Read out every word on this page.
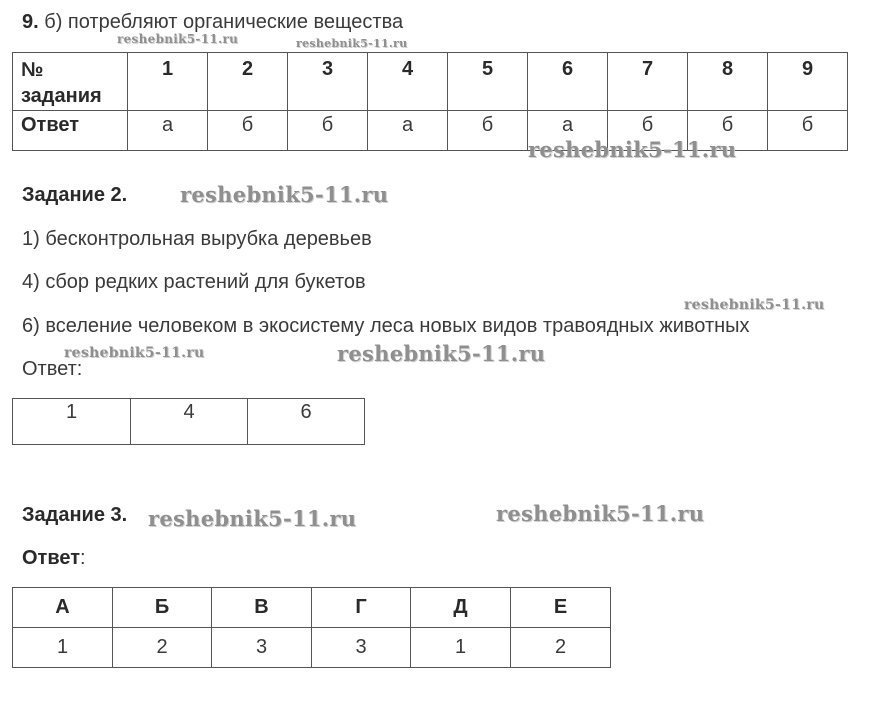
9. б) потребляют органические вещества
№
задания	1	2	3	4	5	6	7	8	9
Ответ	а	б	б	а	б	а	б	б	б
Задание 2.
1) бесконтрольная вырубка деревьев
4) сбор редких растений для букетов
6) вселение человеком в экосистему леса новых видов травоядных животных
Ответ:
1	4	6
Задание 3.
Ответ:
А	Б	В	Г	Д	Е
1	2	3	3	1	2
reshebnik5-11.ru	reshebnik5-11.ru
reshebnik5-11.ru
reshebnik5-11.ru
reshebnik5-11.ru
reshebnik5-11.ru	reshebnik5-11.ru
reshebnik5-11.ru	reshebnik5-11.ru
